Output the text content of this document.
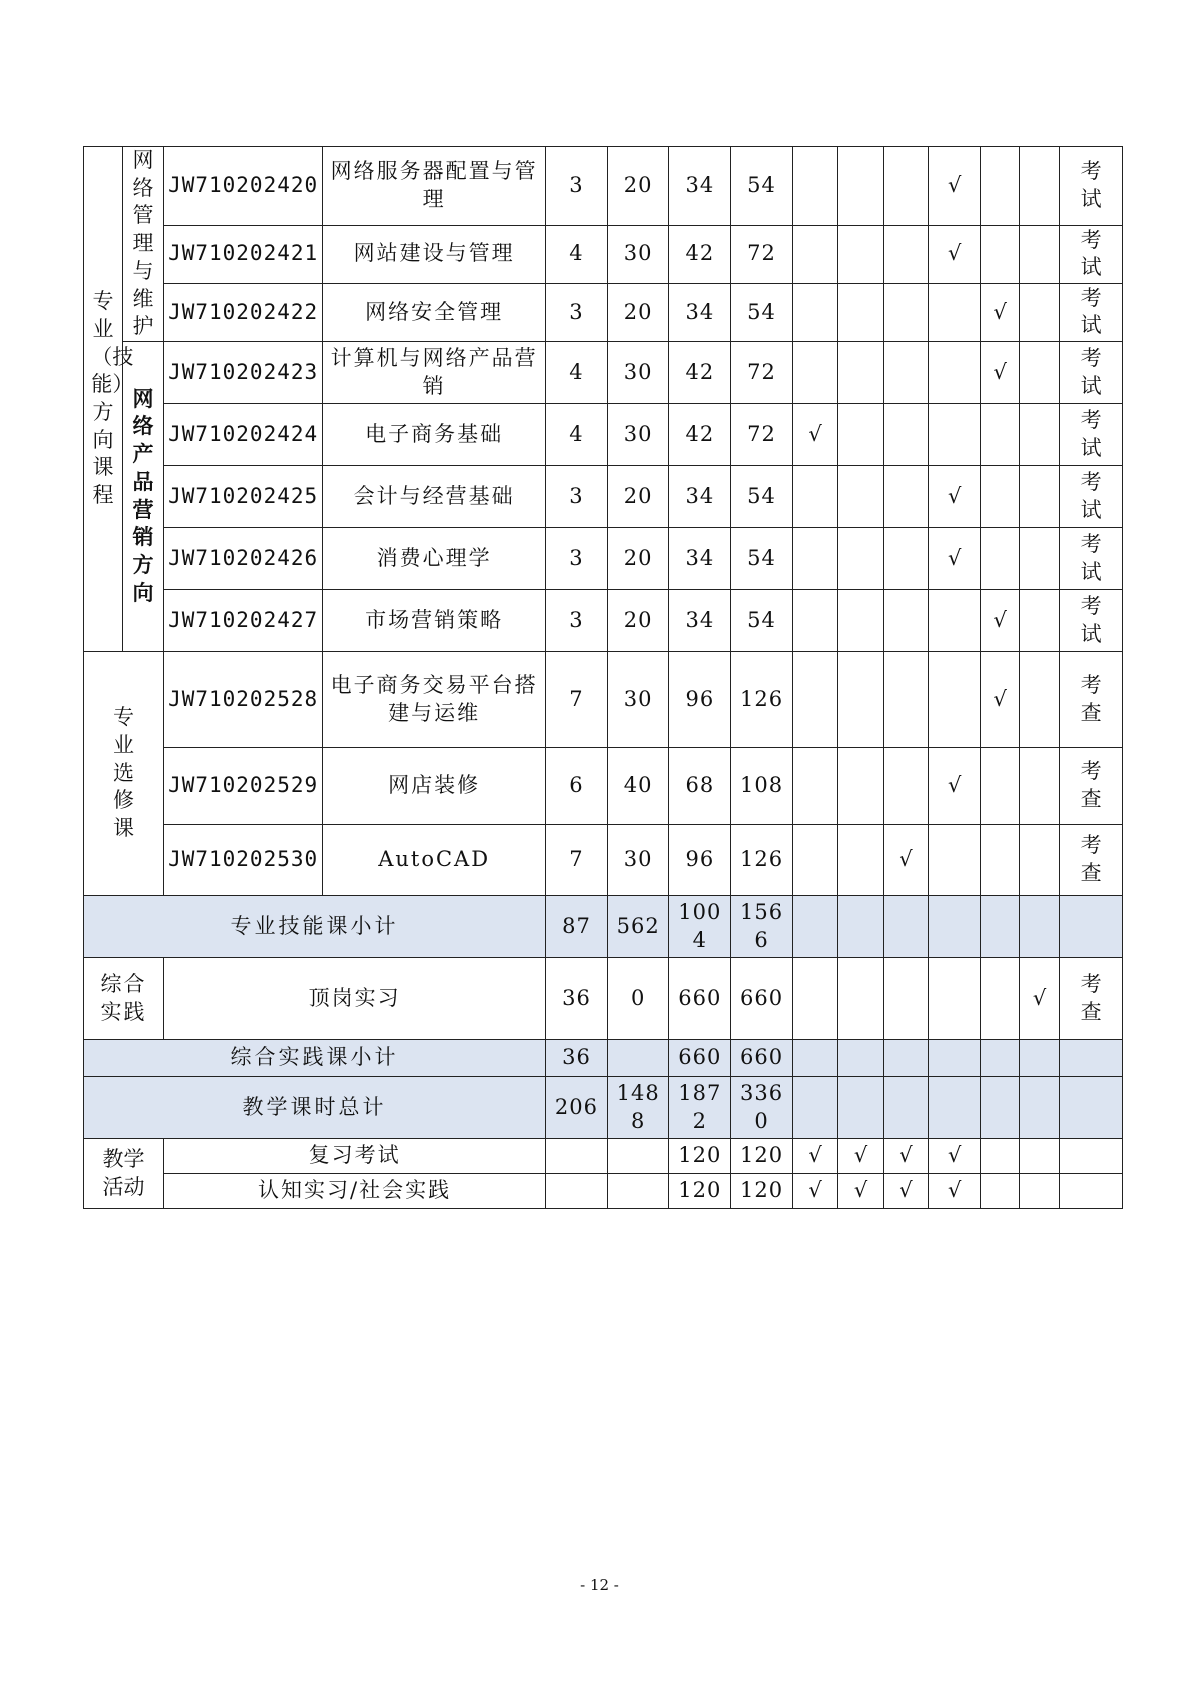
专业（技能）方向课程	网络管理与维护	JW710202420	网络服务器配置与管理	3	20	34	54				√			考试
		JW710202421	网站建设与管理	4	30	42	72				√			考试
		JW710202422	网络安全管理	3	20	34	54					√		考试
	网络产品营销方向	JW710202423	计算机与网络产品营销	4	30	42	72					√		考试
		JW710202424	电子商务基础	4	30	42	72	√						考试
		JW710202425	会计与经营基础	3	20	34	54				√			考试
		JW710202426	消费心理学	3	20	34	54				√			考试
		JW710202427	市场营销策略	3	20	34	54					√		考试
专业选修课		JW710202528	电子商务交易平台搭建与运维	7	30	96	126					√		考查
		JW710202529	网店装修	6	40	68	108				√			考查
		JW710202530	AutoCAD	7	30	96	126			√				考查
专业技能课小计				87	562	1004	1566							
综合实践		顶岗实习		36	0	660	660						√	考查
综合实践课小计				36		660	660							
教学课时总计				206	1488	1872	3360							
教学活动		复习考试				120	120	√	√	√	√			
		认知实习/社会实践				120	120	√	√	√	√			
- 12 -
